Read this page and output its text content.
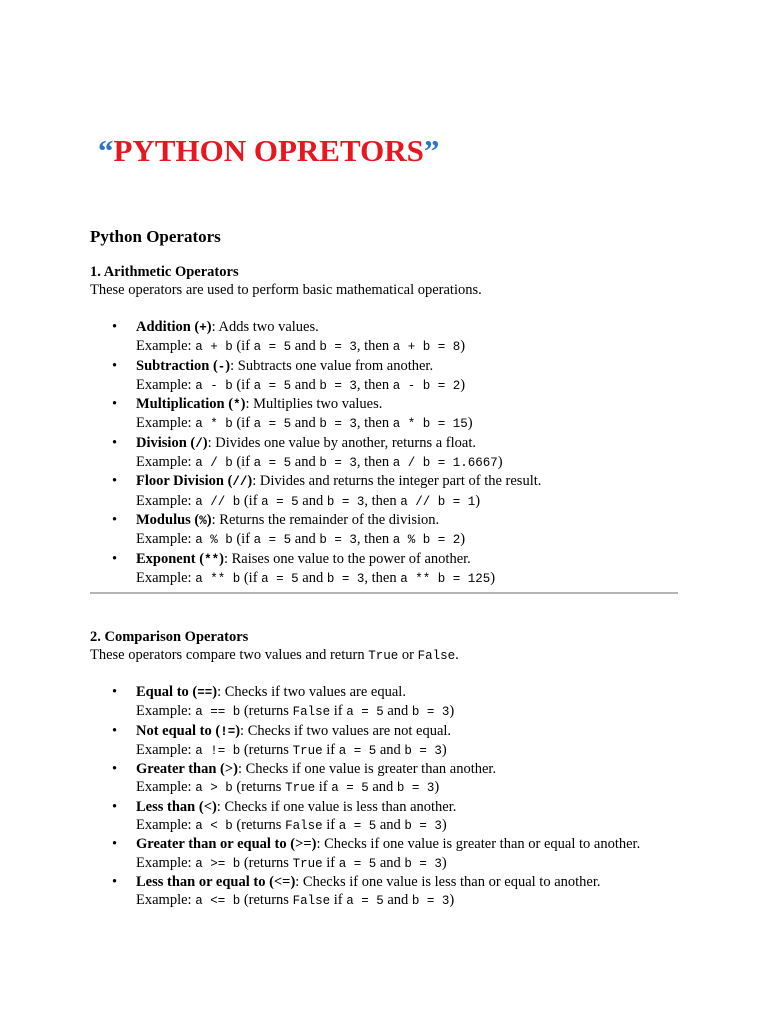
“PYTHON OPRETORS”
Python Operators
1. Arithmetic Operators
These operators are used to perform basic mathematical operations.
• Addition (+): Adds two values.
Example: a + b (if a = 5 and b = 3, then a + b = 8)
• Subtraction (-): Subtracts one value from another.
Example: a - b (if a = 5 and b = 3, then a - b = 2)
• Multiplication (*): Multiplies two values.
Example: a * b (if a = 5 and b = 3, then a * b = 15)
• Division (/): Divides one value by another, returns a float.
Example: a / b (if a = 5 and b = 3, then a / b = 1.6667)
• Floor Division (//): Divides and returns the integer part of the result.
Example: a // b (if a = 5 and b = 3, then a // b = 1)
• Modulus (%): Returns the remainder of the division.
Example: a % b (if a = 5 and b = 3, then a % b = 2)
• Exponent (**): Raises one value to the power of another.
Example: a ** b (if a = 5 and b = 3, then a ** b = 125)
2. Comparison Operators
These operators compare two values and return True or False.
• Equal to (==): Checks if two values are equal.
Example: a == b (returns False if a = 5 and b = 3)
• Not equal to (!=): Checks if two values are not equal.
Example: a != b (returns True if a = 5 and b = 3)
• Greater than (>): Checks if one value is greater than another.
Example: a > b (returns True if a = 5 and b = 3)
• Less than (<): Checks if one value is less than another.
Example: a < b (returns False if a = 5 and b = 3)
• Greater than or equal to (>=): Checks if one value is greater than or equal to another.
Example: a >= b (returns True if a = 5 and b = 3)
• Less than or equal to (<=): Checks if one value is less than or equal to another.
Example: a <= b (returns False if a = 5 and b = 3)
